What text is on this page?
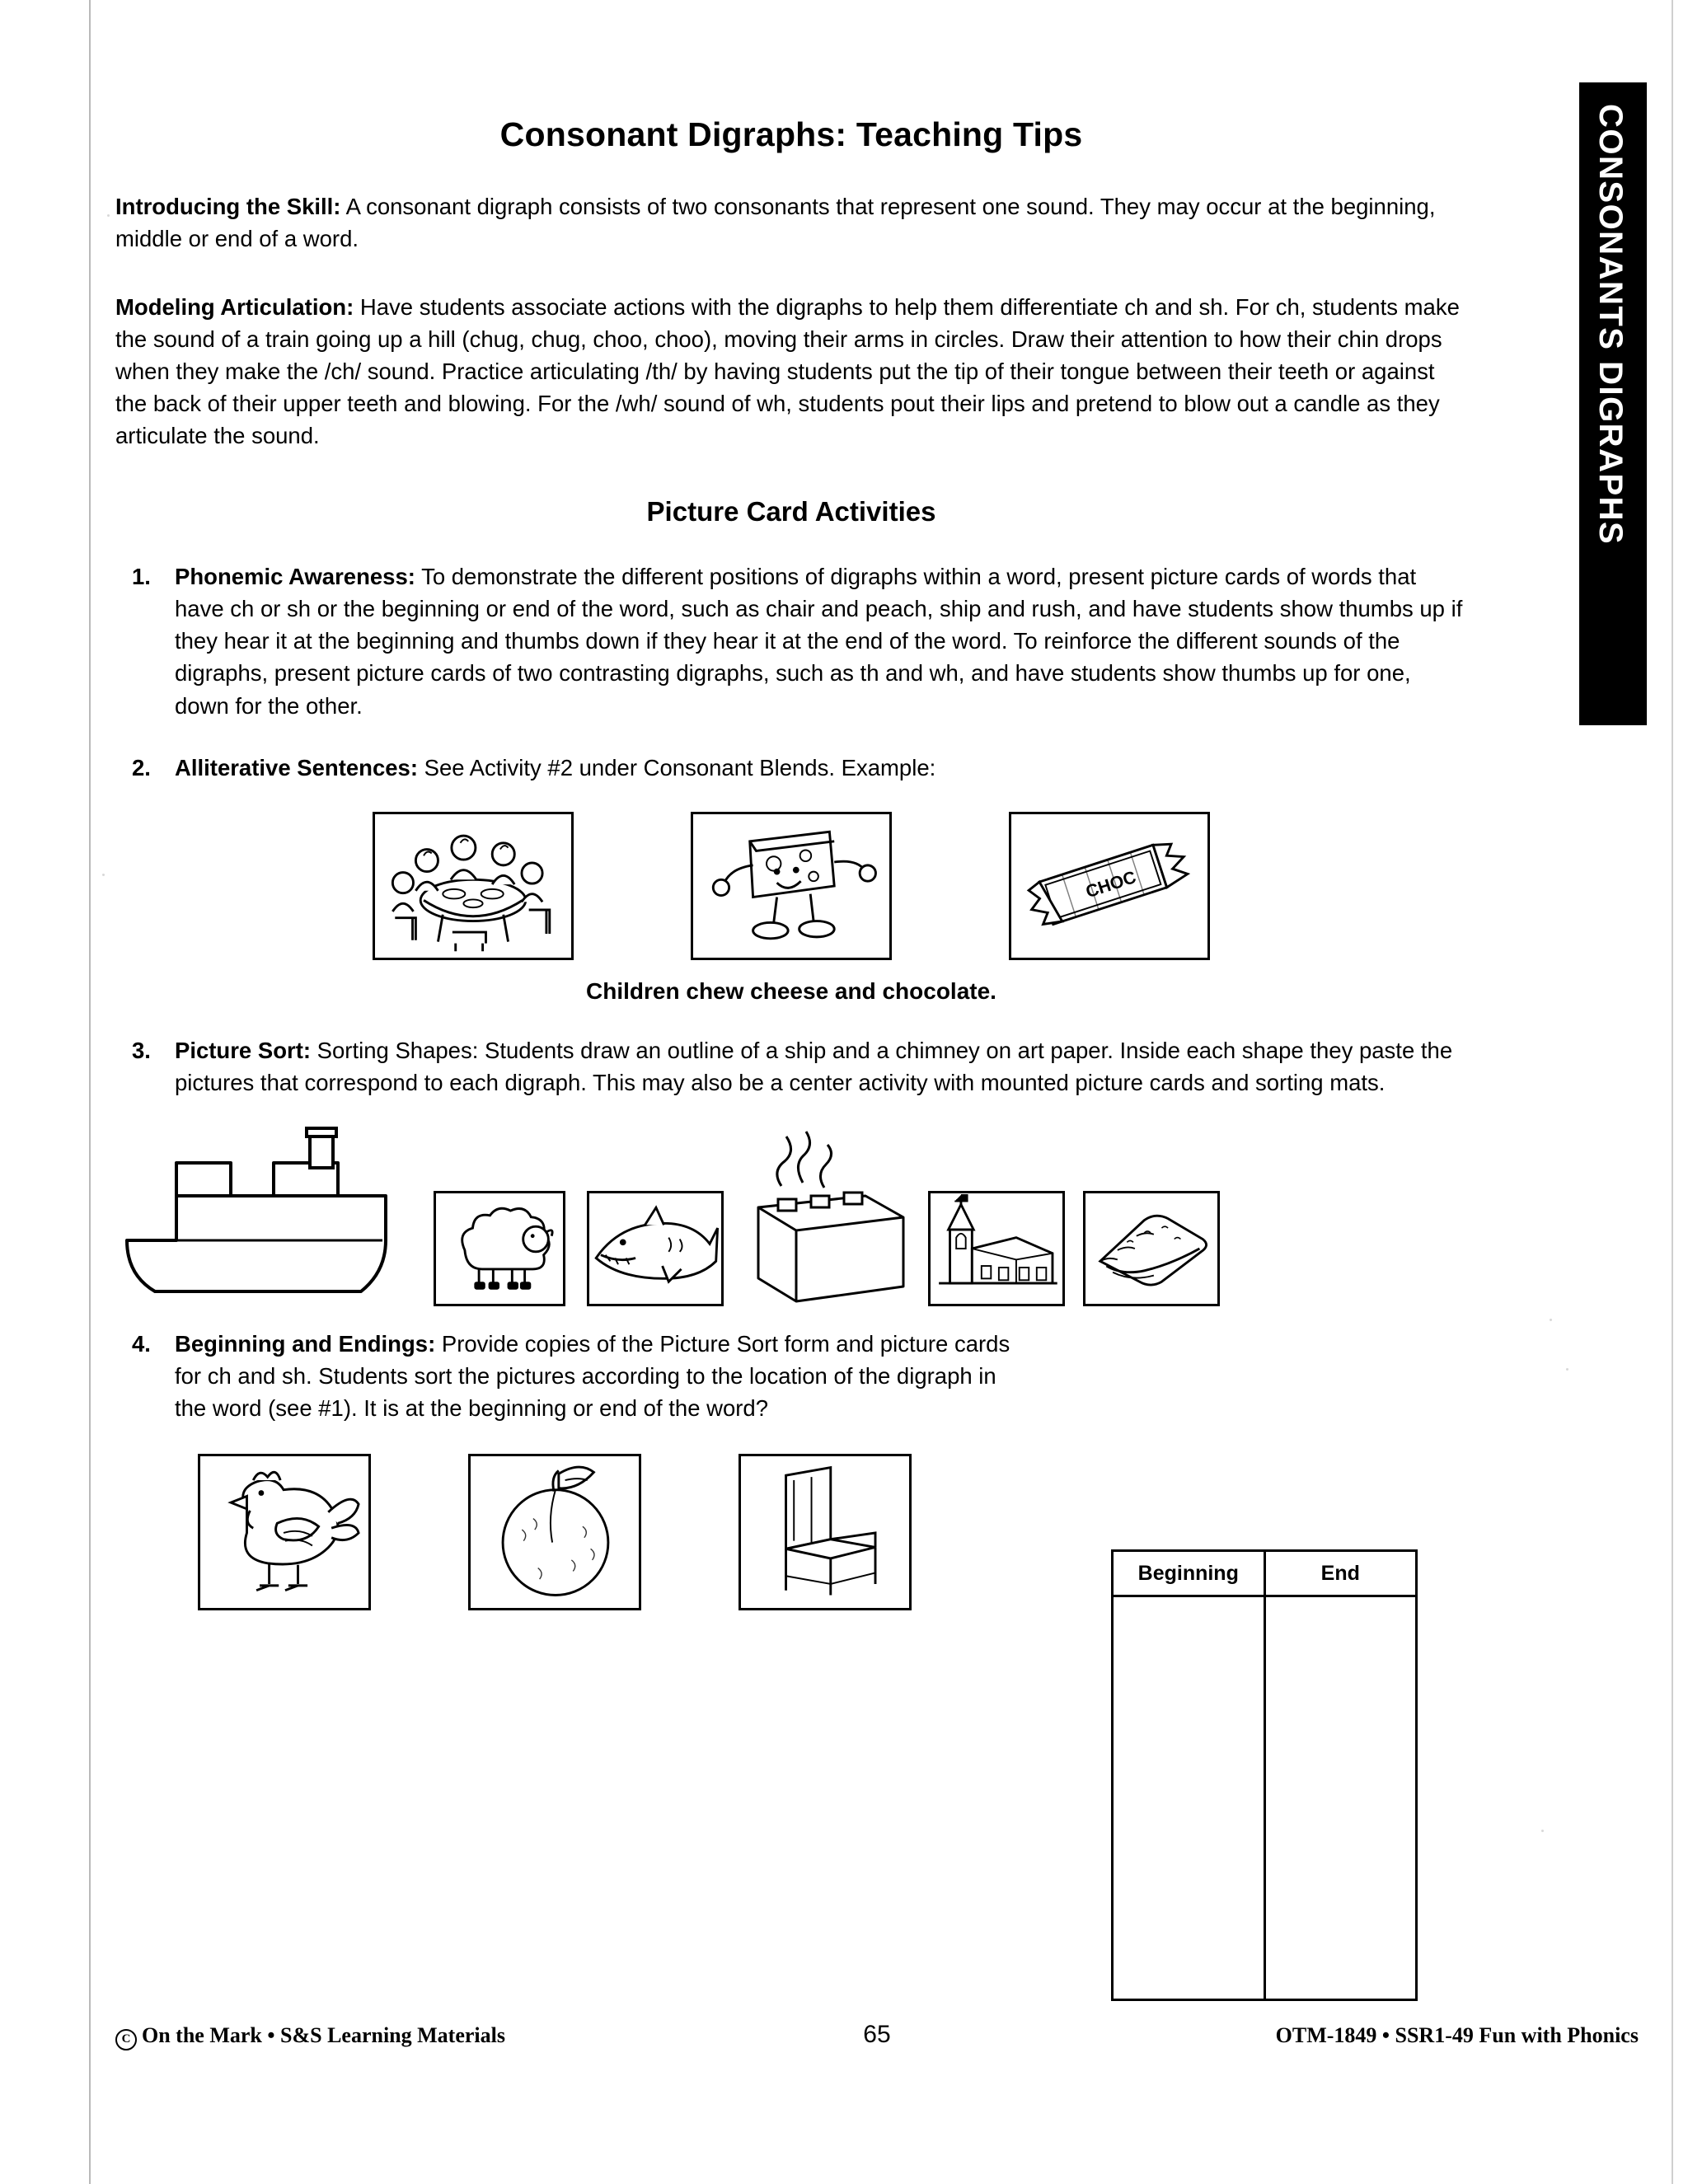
CONSONANTS DIGRAPHS
Consonant Digraphs: Teaching Tips

Introducing the Skill: A consonant digraph consists of two consonants that represent one sound. They may occur at the beginning, middle or end of a word.

Modeling Articulation: Have students associate actions with the digraphs to help them differentiate ch and sh. For ch, students make the sound of a train going up a hill (chug, chug, choo, choo), moving their arms in circles. Draw their attention to how their chin drops when they make the /ch/ sound. Practice articulating /th/ by having students put the tip of their tongue between their teeth or against the back of their upper teeth and blowing. For the /wh/ sound of wh, students pout their lips and pretend to blow out a candle as they articulate the sound.

Picture Card Activities
1. Phonemic Awareness: To demonstrate the different positions of digraphs within a word, present picture cards of words that have ch or sh or the beginning or end of the word, such as chair and peach, ship and rush, and have students show thumbs up if they hear it at the beginning and thumbs down if they hear it at the end of the word. To reinforce the different sounds of the digraphs, present picture cards of two contrasting digraphs, such as th and wh, and have students show thumbs up for one, down for the other.
2. Alliterative Sentences: See Activity #2 under Consonant Blends. Example:
CHOC
Children chew cheese and chocolate.
3. Picture Sort: Sorting Shapes: Students draw an outline of a ship and a chimney on art paper. Inside each shape they paste the pictures that correspond to each digraph. This may also be a center activity with mounted picture cards and sorting mats.
4. Beginning and Endings: Provide copies of the Picture Sort form and picture cards for ch and sh. Students sort the pictures according to the location of the digraph in the word (see #1). It is at the beginning or end of the word?
Beginning	End
C On the Mark • S&S Learning Materials	65	OTM-1849 • SSR1-49 Fun with Phonics
